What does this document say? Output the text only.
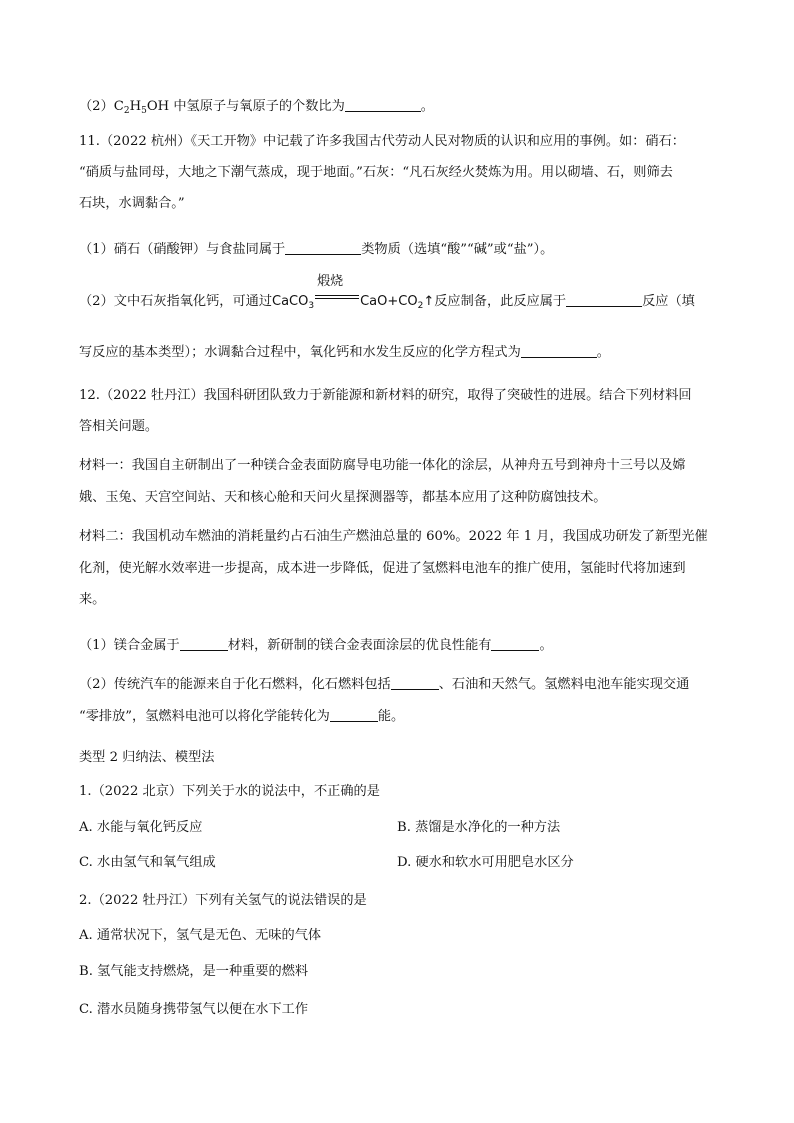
$(2)C_2H_5OH$ 中氢原子与氧原子的个数比为	。
11.（2022 杭州）《天工开物》中记载了许多我国古代劳动人民对物质的认识和应用的事例。如：硝石：
“硝质与盐同母，大地之下潮气蒸成，现于地面。”石灰：“凡石灰经火焚炼为用。用以砌墙、石，则筛去
石块，水调黏合。”
（1）硝石（硝酸钾）与食盐同属于	类物质（选填“酸”“碱”或“盐”）。
（2）文中石灰指氧化钙，可通过CaCO$_3$
煅烧
$CaO+CO_2↑$反应制备，此反应属于	反应（填
写反应的基本类型）；水调黏合过程中，氧化钙和水发生反应的化学方程式为	。
12.（2022 牡丹江）我国科研团队致力于新能源和新材料的研究，取得了突破性的进展。结合下列材料回
答相关问题。
材料一：我国自主研制出了一种镁合金表面防腐导电功能一体化的涂层，从神舟五号到神舟十三号以及嫦
娥、玉兔、天宫空间站、天和核心舱和天问火星探测器等，都基本应用了这种防腐蚀技术。
材料二：我国机动车燃油的消耗量约占石油生产燃油总量的 60%。2022 年 1 月，我国成功研发了新型光催
化剂，使光解水效率进一步提高，成本进一步降低，促进了氢燃料电池车的推广使用，氢能时代将加速到
来。
（1）镁合金属于	材料，新研制的镁合金表面涂层的优良性能有	。
（2）传统汽车的能源来自于化石燃料，化石燃料包括	、石油和天然气。氢燃料电池车能实现交通
“零排放”，氢燃料电池可以将化学能转化为	能。
类型 2 归纳法、模型法
1.（2022 北京）下列关于水的说法中，不正确的是
A. 水能与氧化钙反应	B. 蒸馏是水净化的一种方法
C. 水由氢气和氧气组成	D. 硬水和软水可用肥皂水区分
2.（2022 牡丹江）下列有关氢气的说法错误的是
A. 通常状况下，氢气是无色、无味的气体
B. 氢气能支持燃烧，是一种重要的燃料
C. 潜水员随身携带氢气以便在水下工作
